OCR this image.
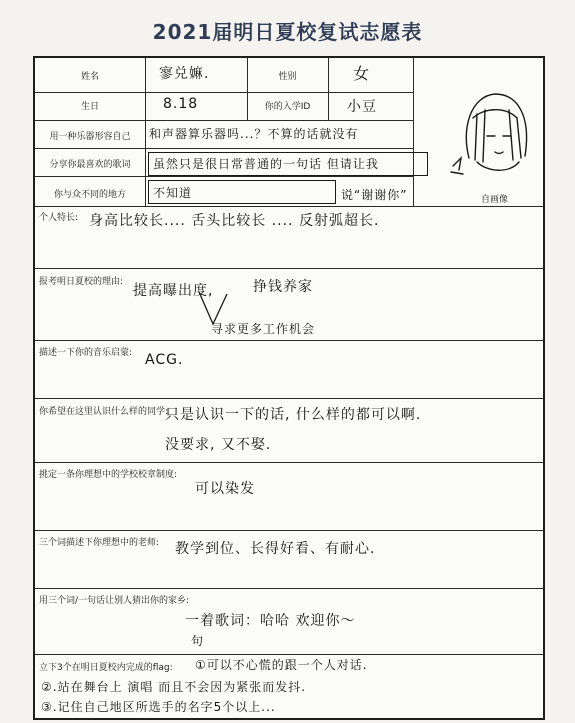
2021届明日夏校复试志愿表
姓名	寥兑嫲.	性别	女
生日	8.18	你的入学ID	小豆
用一种乐器形容自己	和声器算乐器吗...？不算的话就没有
分享你最喜欢的歌词	虽然只是很日常普通的一句话 但请让我
你与众不同的地方	不知道	说“谢谢你”	自画像
个人特长: 身高比较长.... 舌头比较长 .... 反射弧超长.
报考明日夏校的理由:
提高曝出度,	挣钱养家
寻求更多工作机会
描述一下你的音乐启蒙: ACG.
你希望在这里认识什么样的同学:
只是认识一下的话, 什么样的都可以啊.
没要求, 又不娶.
挑定一条你理想中的学校校章制度:
可以染发
三个词描述下你理想中的老师: 教学到位、长得好看、有耐心.
用三个词/一句话让别人猜出你的家乡:
一着歌词：哈哈 欢迎你～
句
立下3个在明日夏校内完成的flag: ①可以不心慌的跟一个人对话.
②.站在舞台上 演唱 而且不会因为紧张而发抖.
③.记住自己地区所选手的名字5个以上...
